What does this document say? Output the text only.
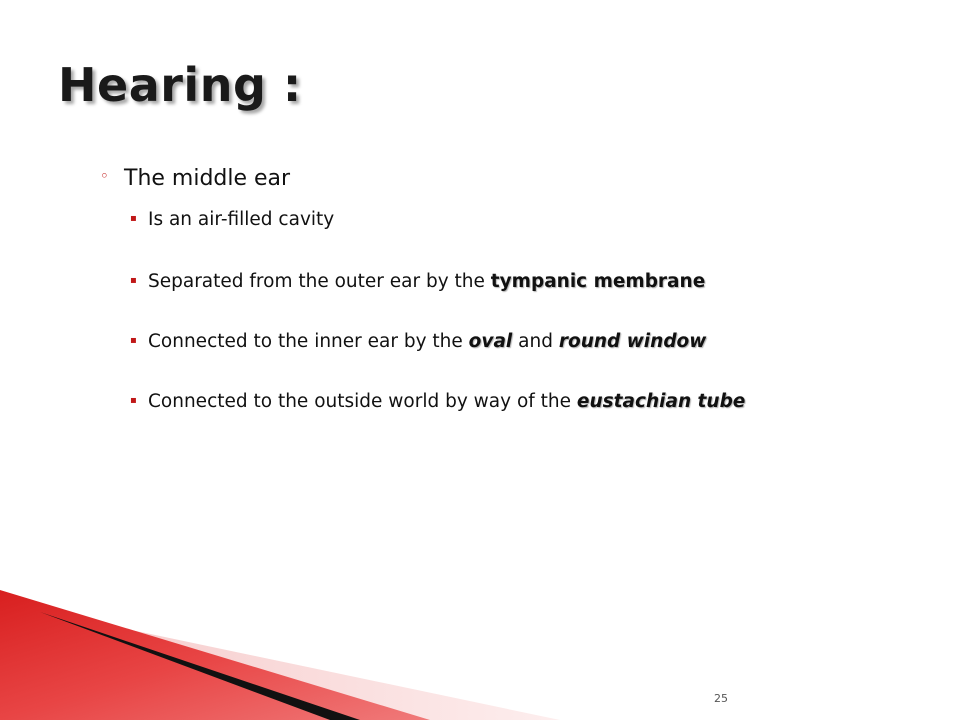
Hearing :
◦ The middle ear
▪ Is an air-filled cavity
▪ Separated from the outer ear by the tympanic membrane
▪ Connected to the inner ear by the oval and round window
▪ Connected to the outside world by way of the eustachian tube
25
